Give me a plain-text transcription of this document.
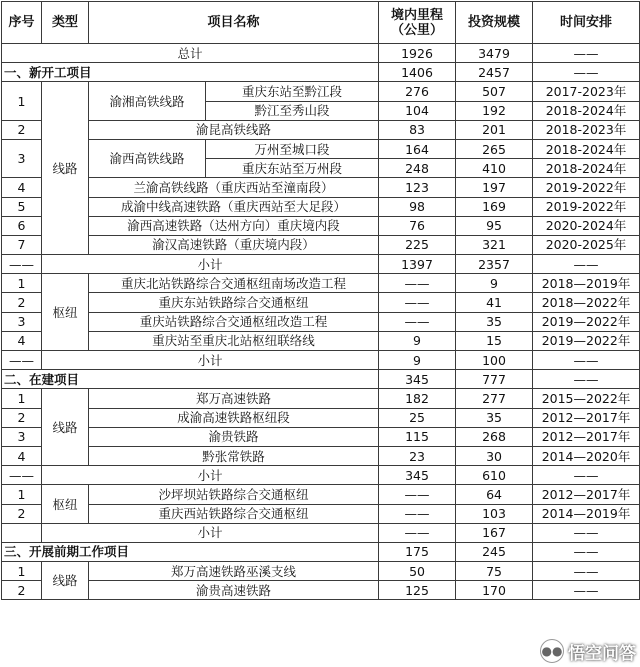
序号	类型	项目名称		境内里程（公里）	投资规模	时间安排
总计				1926	3479	——
一、新开工项目				1406	2457	——
1	线路	渝湘高铁线路	重庆东站至黔江段	276	507	2017-2023年
			黔江至秀山段	104	192	2018-2024年
2		渝昆高铁线路		83	201	2018-2023年
3		渝西高铁线路	万州至城口段	164	265	2018-2024年
			重庆东站至万州段	248	410	2018-2024年
4		兰渝高铁线路（重庆西站至潼南段）		123	197	2019-2022年
5		成渝中线高速铁路（重庆西站至大足段）		98	169	2019-2022年
6		渝西高速铁路（达州方向）重庆境内段		76	95	2020-2024年
7		渝汉高速铁路（重庆境内段）		225	321	2020-2025年
——	小计			1397	2357	——
1	枢纽	重庆北站铁路综合交通枢纽南场改造工程		——	9	2018—2019年
2		重庆东站铁路综合交通枢纽		——	41	2018—2022年
3		重庆站铁路综合交通枢纽改造工程		——	35	2019—2022年
4		重庆站至重庆北站枢纽联络线		9	15	2019—2022年
——	小计			9	100	——
二、在建项目				345	777	——
1	线路	郑万高速铁路		182	277	2015—2022年
2		成渝高速铁路枢纽段		25	35	2012—2017年
3		渝贵铁路		115	268	2012—2017年
4		黔张常铁路		23	30	2014—2020年
——	小计			345	610	——
1	枢纽	沙坪坝站铁路综合交通枢纽		——	64	2012—2017年
2		重庆西站铁路综合交通枢纽		——	103	2014—2019年
	小计			——	167	——
三、开展前期工作项目				175	245	——
1	线路	郑万高速铁路巫溪支线		50	75	——
2		渝贵高速铁路		125	170	——
●● 悟空问答
